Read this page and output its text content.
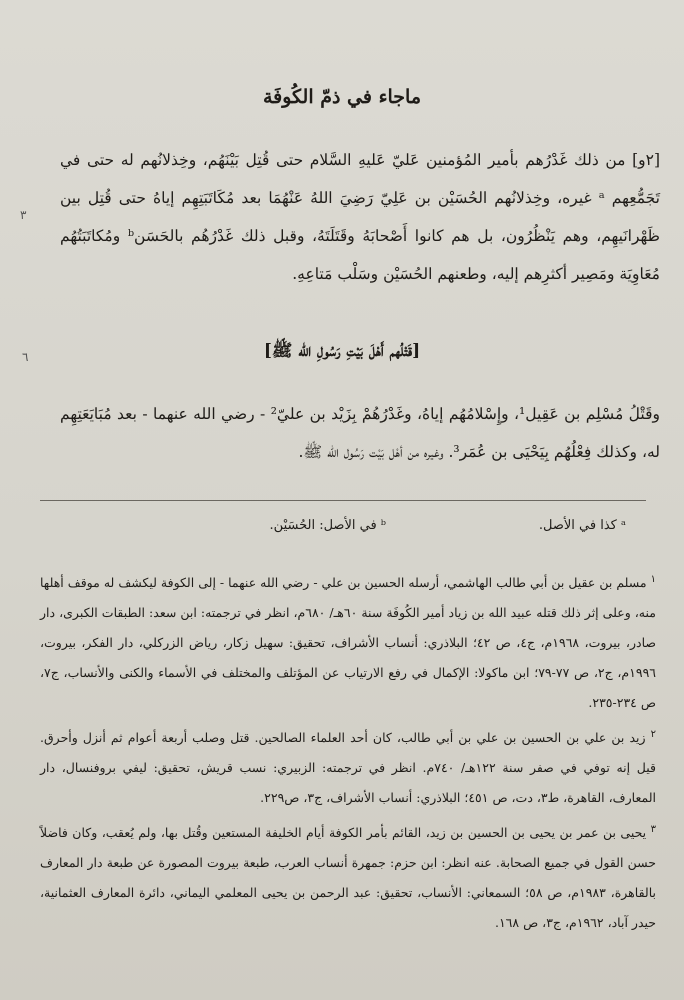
ماجاء في ذمّ الكُوفَة
٣
٦
[٢و] من ذلك غَدْرُهم بأمير المُؤمنين عَليّ عَليهِ السَّلام حتى قُتِل بَيْنَهُم، وخِذلانُهم له حتى في تَجَمُّعِهم ᵃ غيره، وخِذلانُهم الحُسَيْن بن عَلِيّ رَضِيَ اللهُ عَنْهُمَا بعد مُكَاتَبَتِهِم إياهُ حتى قُتِل بين ظَهْرانَيهِم، وهم يَنْظُرُون، بل هم كانوا أَصْحابَهُ وقَتَلَتَهُ، وقبل ذلك غَدْرُهُم بالحَسَنᵇ ومُكاتَبَتُهُم مُعَاوِيَة ومَصِير أكثرِهم إليه، وطعنهم الحُسَيْن وسَلْب مَتاعِهِ.
[قَتْلُهم أَهْلَ بَيْتِ رَسُولِ الله ﷺ]
وقَتْلُ مُسْلِم بن عَقِيل¹، وإِسْلامُهُم إياهُ، وغَدْرُهُمْ بِزَيْد بن عليّ² - رضي الله عنهما - بعد مُبَايَعَتِهِم له، وكذلك فِعْلُهُم بِيَحْيَى بن عُمَر³. وغيره من أهْل بَيْت رَسُول الله ﷺ.
ᵃ كذا في الأصل.
ᵇ في الأصل: الحُسَيْن.

$^١$ مسلم بن عقيل بن أبي طالب الهاشمي، أرسله الحسين بن علي - رضي الله عنهما - إلى الكوفة ليكشف له موقف أهلها منه، وعلى إثر ذلك قتله عبيد الله بن زياد أمير الكُوفَة سنة ٦٠هـ/ ٦٨٠م، انظر في ترجمته: ابن سعد: الطبقات الكبرى، دار صادر، بيروت، ١٩٦٨م، ج٤، ص ٤٢؛ البلاذري: أنساب الأشراف، تحقيق: سهيل زكار، رياض الزركلي، دار الفكر، بيروت، ١٩٩٦م، ج٢، ص ٧٧-٧٩؛ ابن ماكولا: الإكمال في رفع الارتياب عن المؤتلف والمختلف في الأسماء والكنى والأنساب، ج٧، ص ٢٣٤-٢٣٥.

$^٢$ زيد بن علي بن الحسين بن علي بن أبي طالب، كان أحد العلماء الصالحين. قتل وصلب أربعة أعوام ثم أنزل وأحرق. قيل إنه توفي في صفر سنة ١٢٢هـ/ ٧٤٠م. انظر في ترجمته: الزبيري: نسب قريش، تحقيق: ليفي بروفنسال، دار المعارف، القاهرة، ط٣، دت، ص ٤٥١؛ البلاذري: أنساب الأشراف، ج٣، ص٢٢٩.

$^٣$ يحيى بن عمر بن يحيى بن الحسين بن زيد، القائم بأمر الكوفة أيام الخليفة المستعين وقُتل بها، ولم يُعقب، وكان فاضلاً حسن القول في جميع الصحابة. عنه انظر: ابن حزم: جمهرة أنساب العرب، طبعة بيروت المصورة عن طبعة دار المعارف بالقاهرة، ١٩٨٣م، ص ٥٨؛ السمعاني: الأنساب، تحقيق: عبد الرحمن بن يحيى المعلمي اليماني، دائرة المعارف العثمانية، حيدر آباد، ١٩٦٢م، ج٣، ص ١٦٨.
